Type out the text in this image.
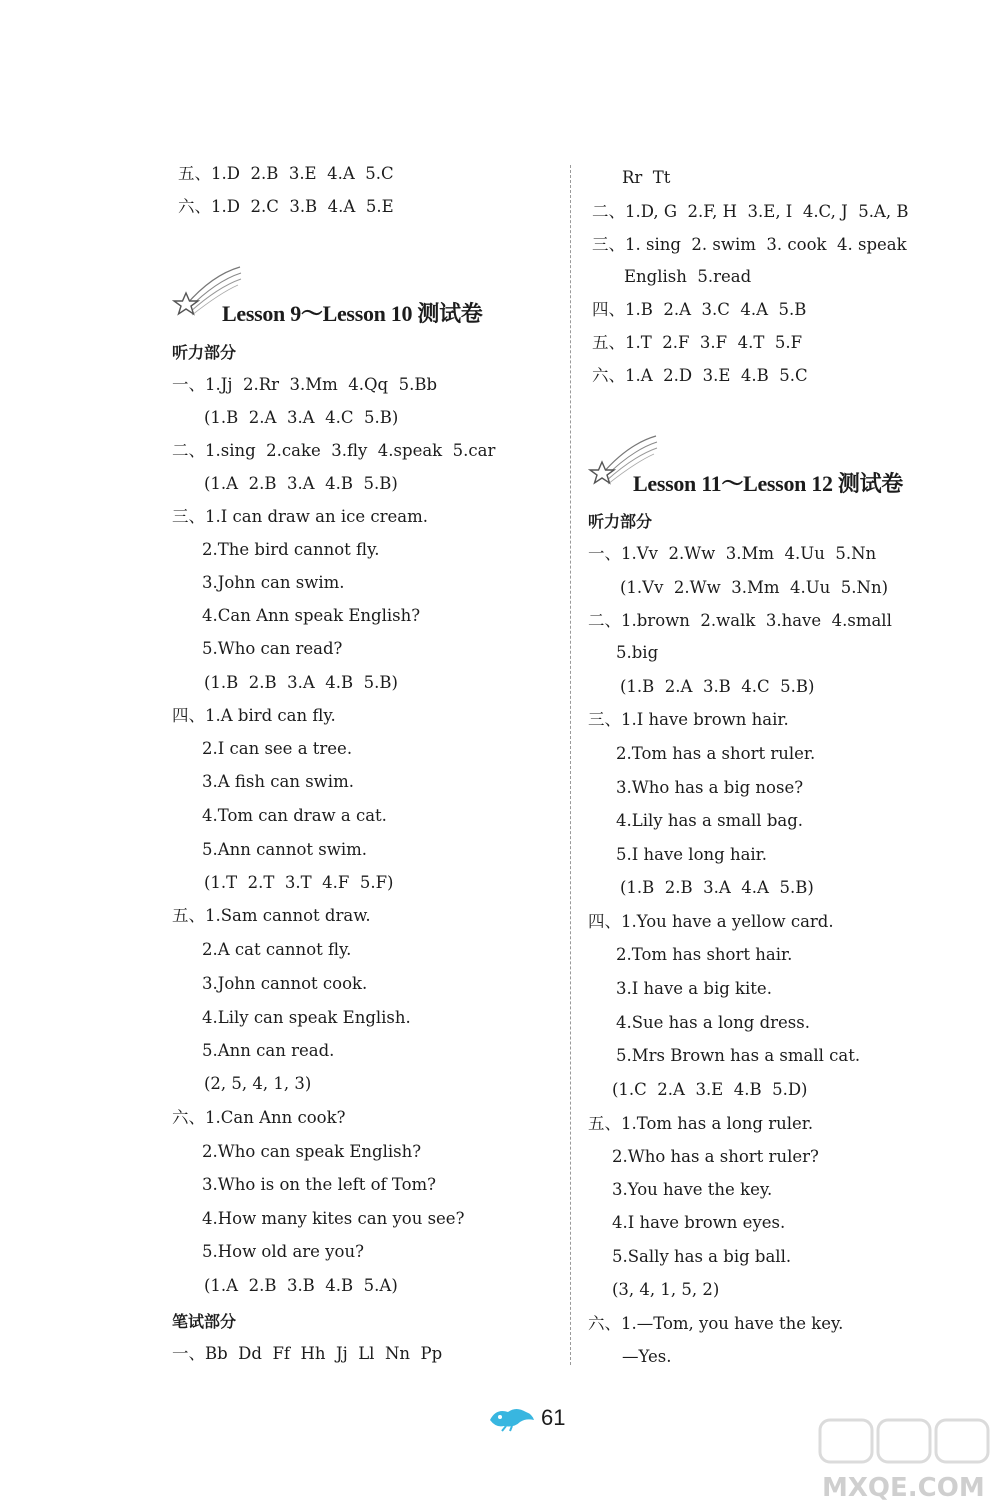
五、1.D  2.B  3.E  4.A  5.C
六、1.D  2.C  3.B  4.A  5.E
Lesson 9～Lesson 10 测试卷
听力部分
一、1.Jj  2.Rr  3.Mm  4.Qq  5.Bb
(1.B  2.A  3.A  4.C  5.B)
二、1.sing  2.cake  3.fly  4.speak  5.car
(1.A  2.B  3.A  4.B  5.B)
三、1.I can draw an ice cream.
2.The bird cannot fly.
3.John can swim.
4.Can Ann speak English?
5.Who can read?
(1.B  2.B  3.A  4.B  5.B)
四、1.A bird can fly.
2.I can see a tree.
3.A fish can swim.
4.Tom can draw a cat.
5.Ann cannot swim.
(1.T  2.T  3.T  4.F  5.F)
五、1.Sam cannot draw.
2.A cat cannot fly.
3.John cannot cook.
4.Lily can speak English.
5.Ann can read.
(2, 5, 4, 1, 3)
六、1.Can Ann cook?
2.Who can speak English?
3.Who is on the left of Tom?
4.How many kites can you see?
5.How old are you?
(1.A  2.B  3.B  4.B  5.A)
笔试部分
一、Bb  Dd  Ff  Hh  Jj  Ll  Nn  Pp
Rr  Tt
二、1.D, G  2.F, H  3.E, I  4.C, J  5.A, B
三、1. sing  2. swim  3. cook  4. speak
English  5.read
四、1.B  2.A  3.C  4.A  5.B
五、1.T  2.F  3.F  4.T  5.F
六、1.A  2.D  3.E  4.B  5.C
Lesson 11～Lesson 12 测试卷
听力部分
一、1.Vv  2.Ww  3.Mm  4.Uu  5.Nn
(1.Vv  2.Ww  3.Mm  4.Uu  5.Nn)
二、1.brown  2.walk  3.have  4.small
5.big
(1.B  2.A  3.B  4.C  5.B)
三、1.I have brown hair.
2.Tom has a short ruler.
3.Who has a big nose?
4.Lily has a small bag.
5.I have long hair.
(1.B  2.B  3.A  4.A  5.B)
四、1.You have a yellow card.
2.Tom has short hair.
3.I have a big kite.
4.Sue has a long dress.
5.Mrs Brown has a small cat.
(1.C  2.A  3.E  4.B  5.D)
五、1.Tom has a long ruler.
2.Who has a short ruler?
3.You have the key.
4.I have brown eyes.
5.Sally has a big ball.
(3, 4, 1, 5, 2)
六、1.—Tom, you have the key.
—Yes.
61
MXQE.COM
